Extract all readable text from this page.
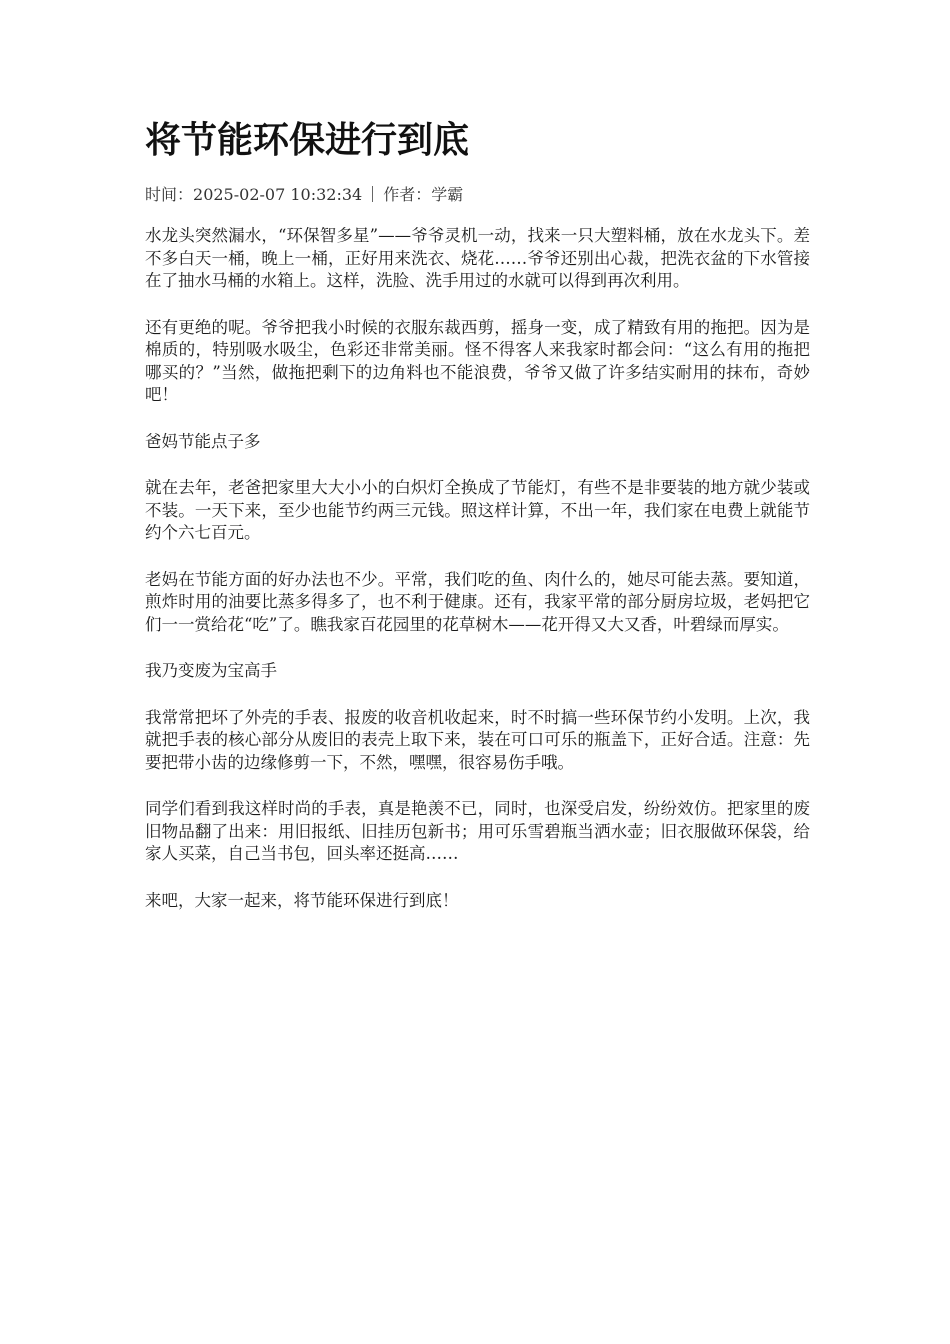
将节能环保进行到底
时间：2025-02-07 10:32:34 作者：学霸

水龙头突然漏水，“环保智多星”——爷爷灵机一动，找来一只大塑料桶，放在水龙头下。差不多白天一桶，晚上一桶，正好用来洗衣、烧花……爷爷还别出心裁，把洗衣盆的下水管接在了抽水马桶的水箱上。这样，洗脸、洗手用过的水就可以得到再次利用。

还有更绝的呢。爷爷把我小时候的衣服东裁西剪，摇身一变，成了精致有用的拖把。因为是棉质的，特别吸水吸尘，色彩还非常美丽。怪不得客人来我家时都会问：“这么有用的拖把哪买的？”当然，做拖把剩下的边角料也不能浪费，爷爷又做了许多结实耐用的抹布，奇妙吧！

爸妈节能点子多

就在去年，老爸把家里大大小小的白炽灯全换成了节能灯，有些不是非要装的地方就少装或不装。一天下来，至少也能节约两三元钱。照这样计算，不出一年，我们家在电费上就能节约个六七百元。

老妈在节能方面的好办法也不少。平常，我们吃的鱼、肉什么的，她尽可能去蒸。要知道，煎炸时用的油要比蒸多得多了，也不利于健康。还有，我家平常的部分厨房垃圾，老妈把它们一一赏给花“吃”了。瞧我家百花园里的花草树木——花开得又大又香，叶碧绿而厚实。

我乃变废为宝高手

我常常把坏了外壳的手表、报废的收音机收起来，时不时搞一些环保节约小发明。上次，我就把手表的核心部分从废旧的表壳上取下来，装在可口可乐的瓶盖下，正好合适。注意：先要把带小齿的边缘修剪一下，不然，嘿嘿，很容易伤手哦。

同学们看到我这样时尚的手表，真是艳羡不已，同时，也深受启发，纷纷效仿。把家里的废旧物品翻了出来：用旧报纸、旧挂历包新书；用可乐雪碧瓶当洒水壶；旧衣服做环保袋，给家人买菜，自己当书包，回头率还挺高……

来吧，大家一起来，将节能环保进行到底！
